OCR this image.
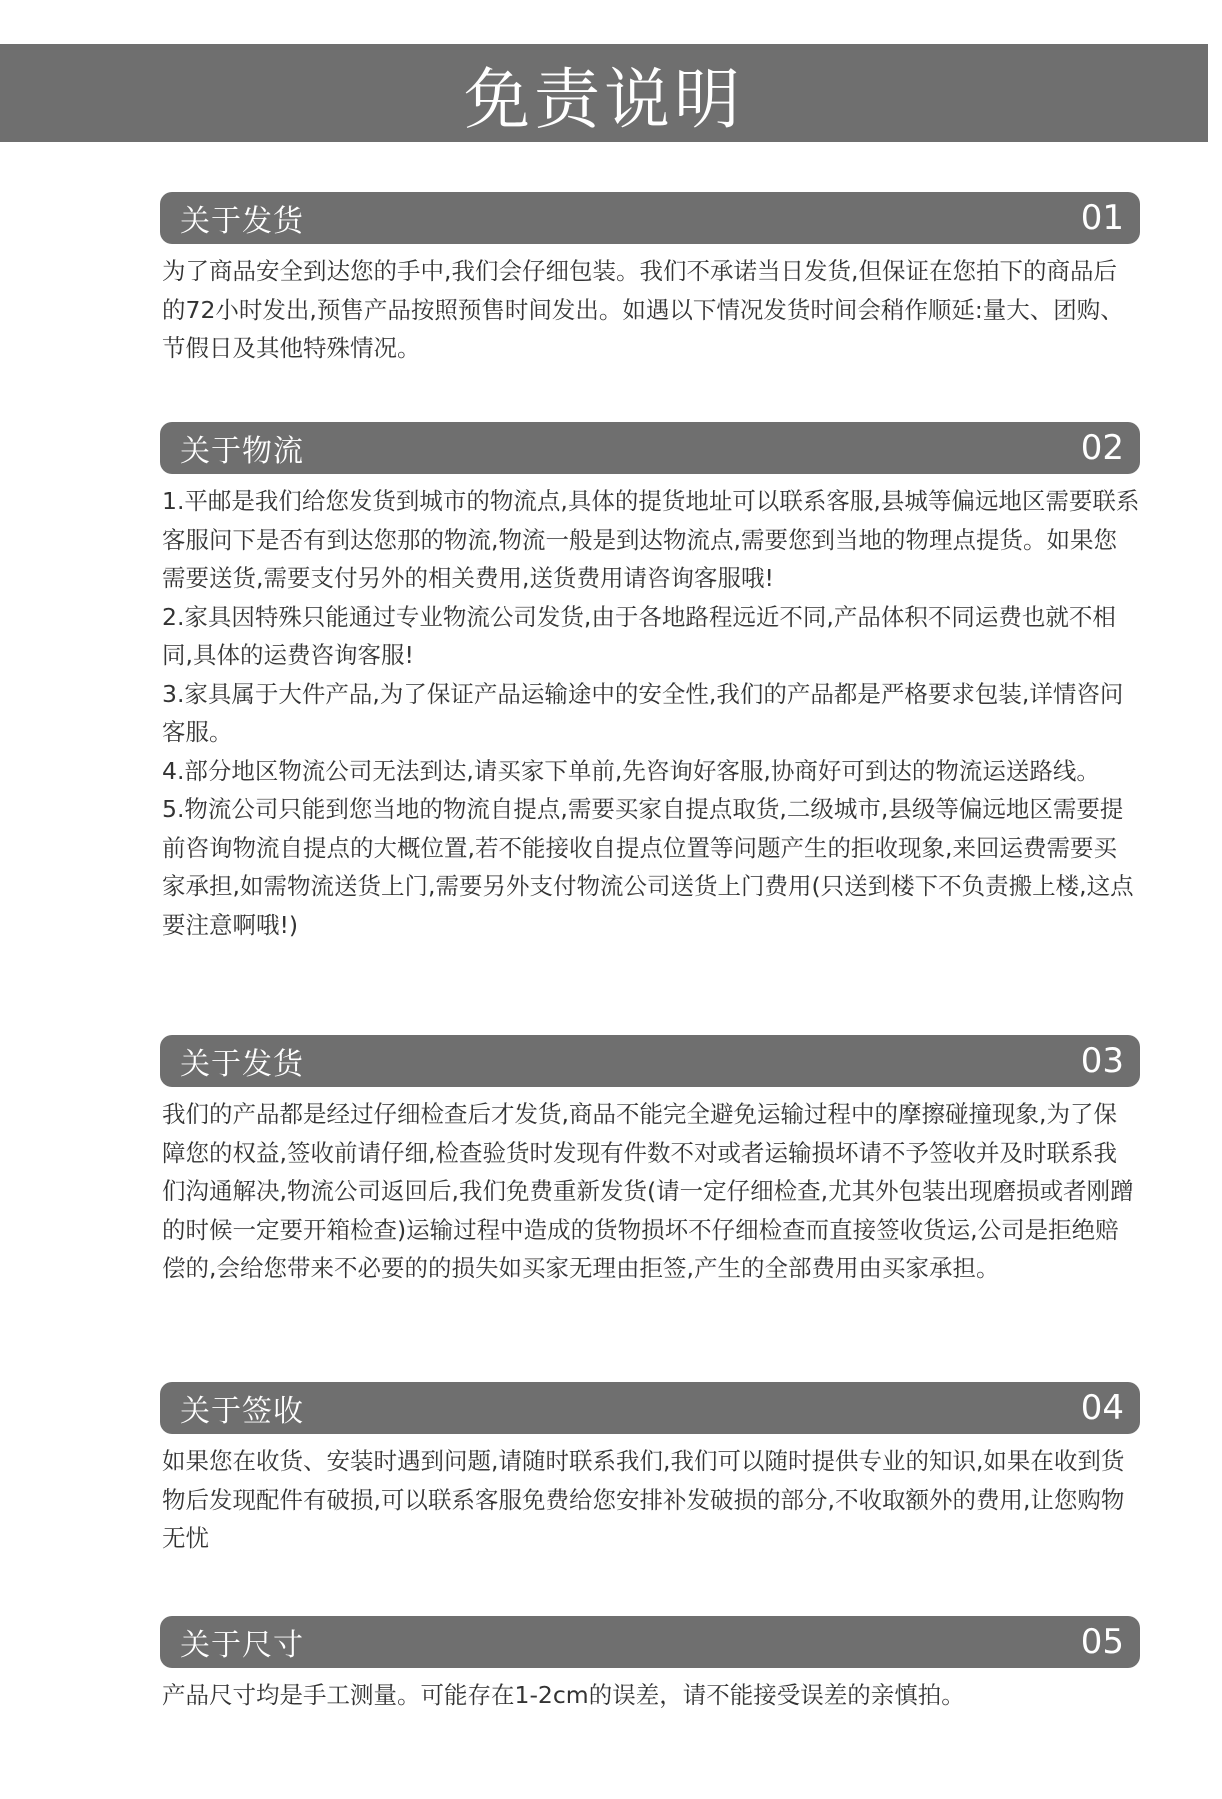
免责说明
关于发货	01

为了商品安全到达您的手中,我们会仔细包装。我们不承诺当日发货,但保证在您拍下的商品后的72小时发出,预售产品按照预售时间发出。如遇以下情况发货时间会稍作顺延:量大、团购、节假日及其他特殊情况。

关于物流	02

1.平邮是我们给您发货到城市的物流点,具体的提货地址可以联系客服,县城等偏远地区需要联系客服问下是否有到达您那的物流,物流一般是到达物流点,需要您到当地的物理点提货。如果您需要送货,需要支付另外的相关费用,送货费用请咨询客服哦!

2.家具因特殊只能通过专业物流公司发货,由于各地路程远近不同,产品体积不同运费也就不相同,具体的运费咨询客服!

3.家具属于大件产品,为了保证产品运输途中的安全性,我们的产品都是严格要求包装,详情咨问客服。

4.部分地区物流公司无法到达,请买家下单前,先咨询好客服,协商好可到达的物流运送路线。

5.物流公司只能到您当地的物流自提点,需要买家自提点取货,二级城市,县级等偏远地区需要提前咨询物流自提点的大概位置,若不能接收自提点位置等问题产生的拒收现象,来回运费需要买家承担,如需物流送货上门,需要另外支付物流公司送货上门费用(只送到楼下不负责搬上楼,这点要注意啊哦!)

关于发货	03

我们的产品都是经过仔细检查后才发货,商品不能完全避免运输过程中的摩擦碰撞现象,为了保障您的权益,签收前请仔细,检查验货时发现有件数不对或者运输损坏请不予签收并及时联系我们沟通解决,物流公司返回后,我们免费重新发货(请一定仔细检查,尤其外包装出现磨损或者刚蹭的时候一定要开箱检查)运输过程中造成的货物损坏不仔细检查而直接签收货运,公司是拒绝赔偿的,会给您带来不必要的的损失如买家无理由拒签,产生的全部费用由买家承担。

关于签收	04

如果您在收货、安装时遇到问题,请随时联系我们,我们可以随时提供专业的知识,如果在收到货物后发现配件有破损,可以联系客服免费给您安排补发破损的部分,不收取额外的费用,让您购物无忧

关于尺寸	05

产品尺寸均是手工测量。可能存在1-2cm的误差，请不能接受误差的亲慎拍。
